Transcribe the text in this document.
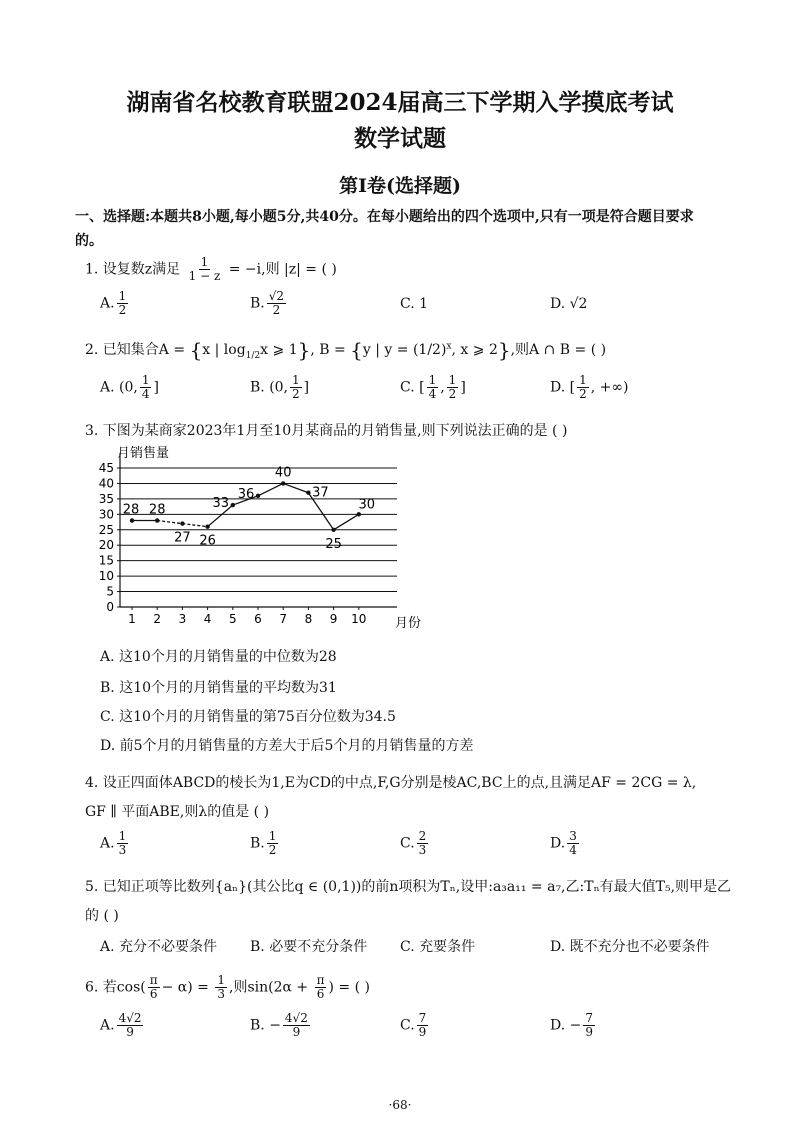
湖南省名校教育联盟2024届高三下学期入学摸底考试
数学试题
第Ⅰ卷(选择题)
一、选择题:本题共8小题,每小题5分,共40分。在每小题给出的四个选项中,只有一项是符合题目要求
的。
1. 设复数z满足 $\frac{1}{1 - z} = -i$,则 |z| = ( )
A. $\frac{1}{2}$	B. $\frac{√2}{2}$	C. 1	D. √2
2. 已知集合A = {x | $\log_{1/2}x$ ⩾ 1}, B = {y | $y = (1/2)^x$, x ⩾ 2},则A ∩ B = ( )
A. (0, $\frac{1}{4}$ ]	B. (0, $\frac{1}{2}$ ]	C. [ $\frac{1}{4}$ , $\frac{1}{2}$ ]	D. [ $\frac{1}{2}$ , +∞)
3. 下图为某商家2023年1月至10月某商品的月销售量,则下列说法正确的是 ( )
月销售量
0
5
10
15
20
25
30
35
40
45
1 2 3 4 5 6 7 8 9 10
28 28
27 26
33
36
40
37
25
30
月份
A. 这10个月的月销售量的中位数为28
B. 这10个月的月销售量的平均数为31
C. 这10个月的月销售量的第75百分位数为34.5
D. 前5个月的月销售量的方差大于后5个月的月销售量的方差
4. 设正四面体ABCD的棱长为1,E为CD的中点,F,G分别是棱AC,BC上的点,且满足AF = 2CG = λ,
GF ∥ 平面ABE,则λ的值是 ( )
A. $\frac{1}{3}$	B. $\frac{1}{2}$	C. $\frac{2}{3}$	D. $\frac{3}{4}$
5. 已知正项等比数列{aₙ}(其公比q ∈ (0,1))的前n项积为Tₙ,设甲:a₃a₁₁ = a₇,乙:Tₙ有最大值T₅,则甲是乙
的 ( )
A. 充分不必要条件 B. 必要不充分条件 C. 充要条件	D. 既不充分也不必要条件
6. 若$\cos( \frac{\pi}{6} - \alpha) = \frac{1}{3}$ ,则$\sin(2\alpha + \frac{\pi}{6}$ ) = ( )
A. $\frac{4√2}{9}$	B. − $\frac{4√2}{9}$	C. $\frac{7}{9}$	D. − $\frac{7}{9}$
·68·
